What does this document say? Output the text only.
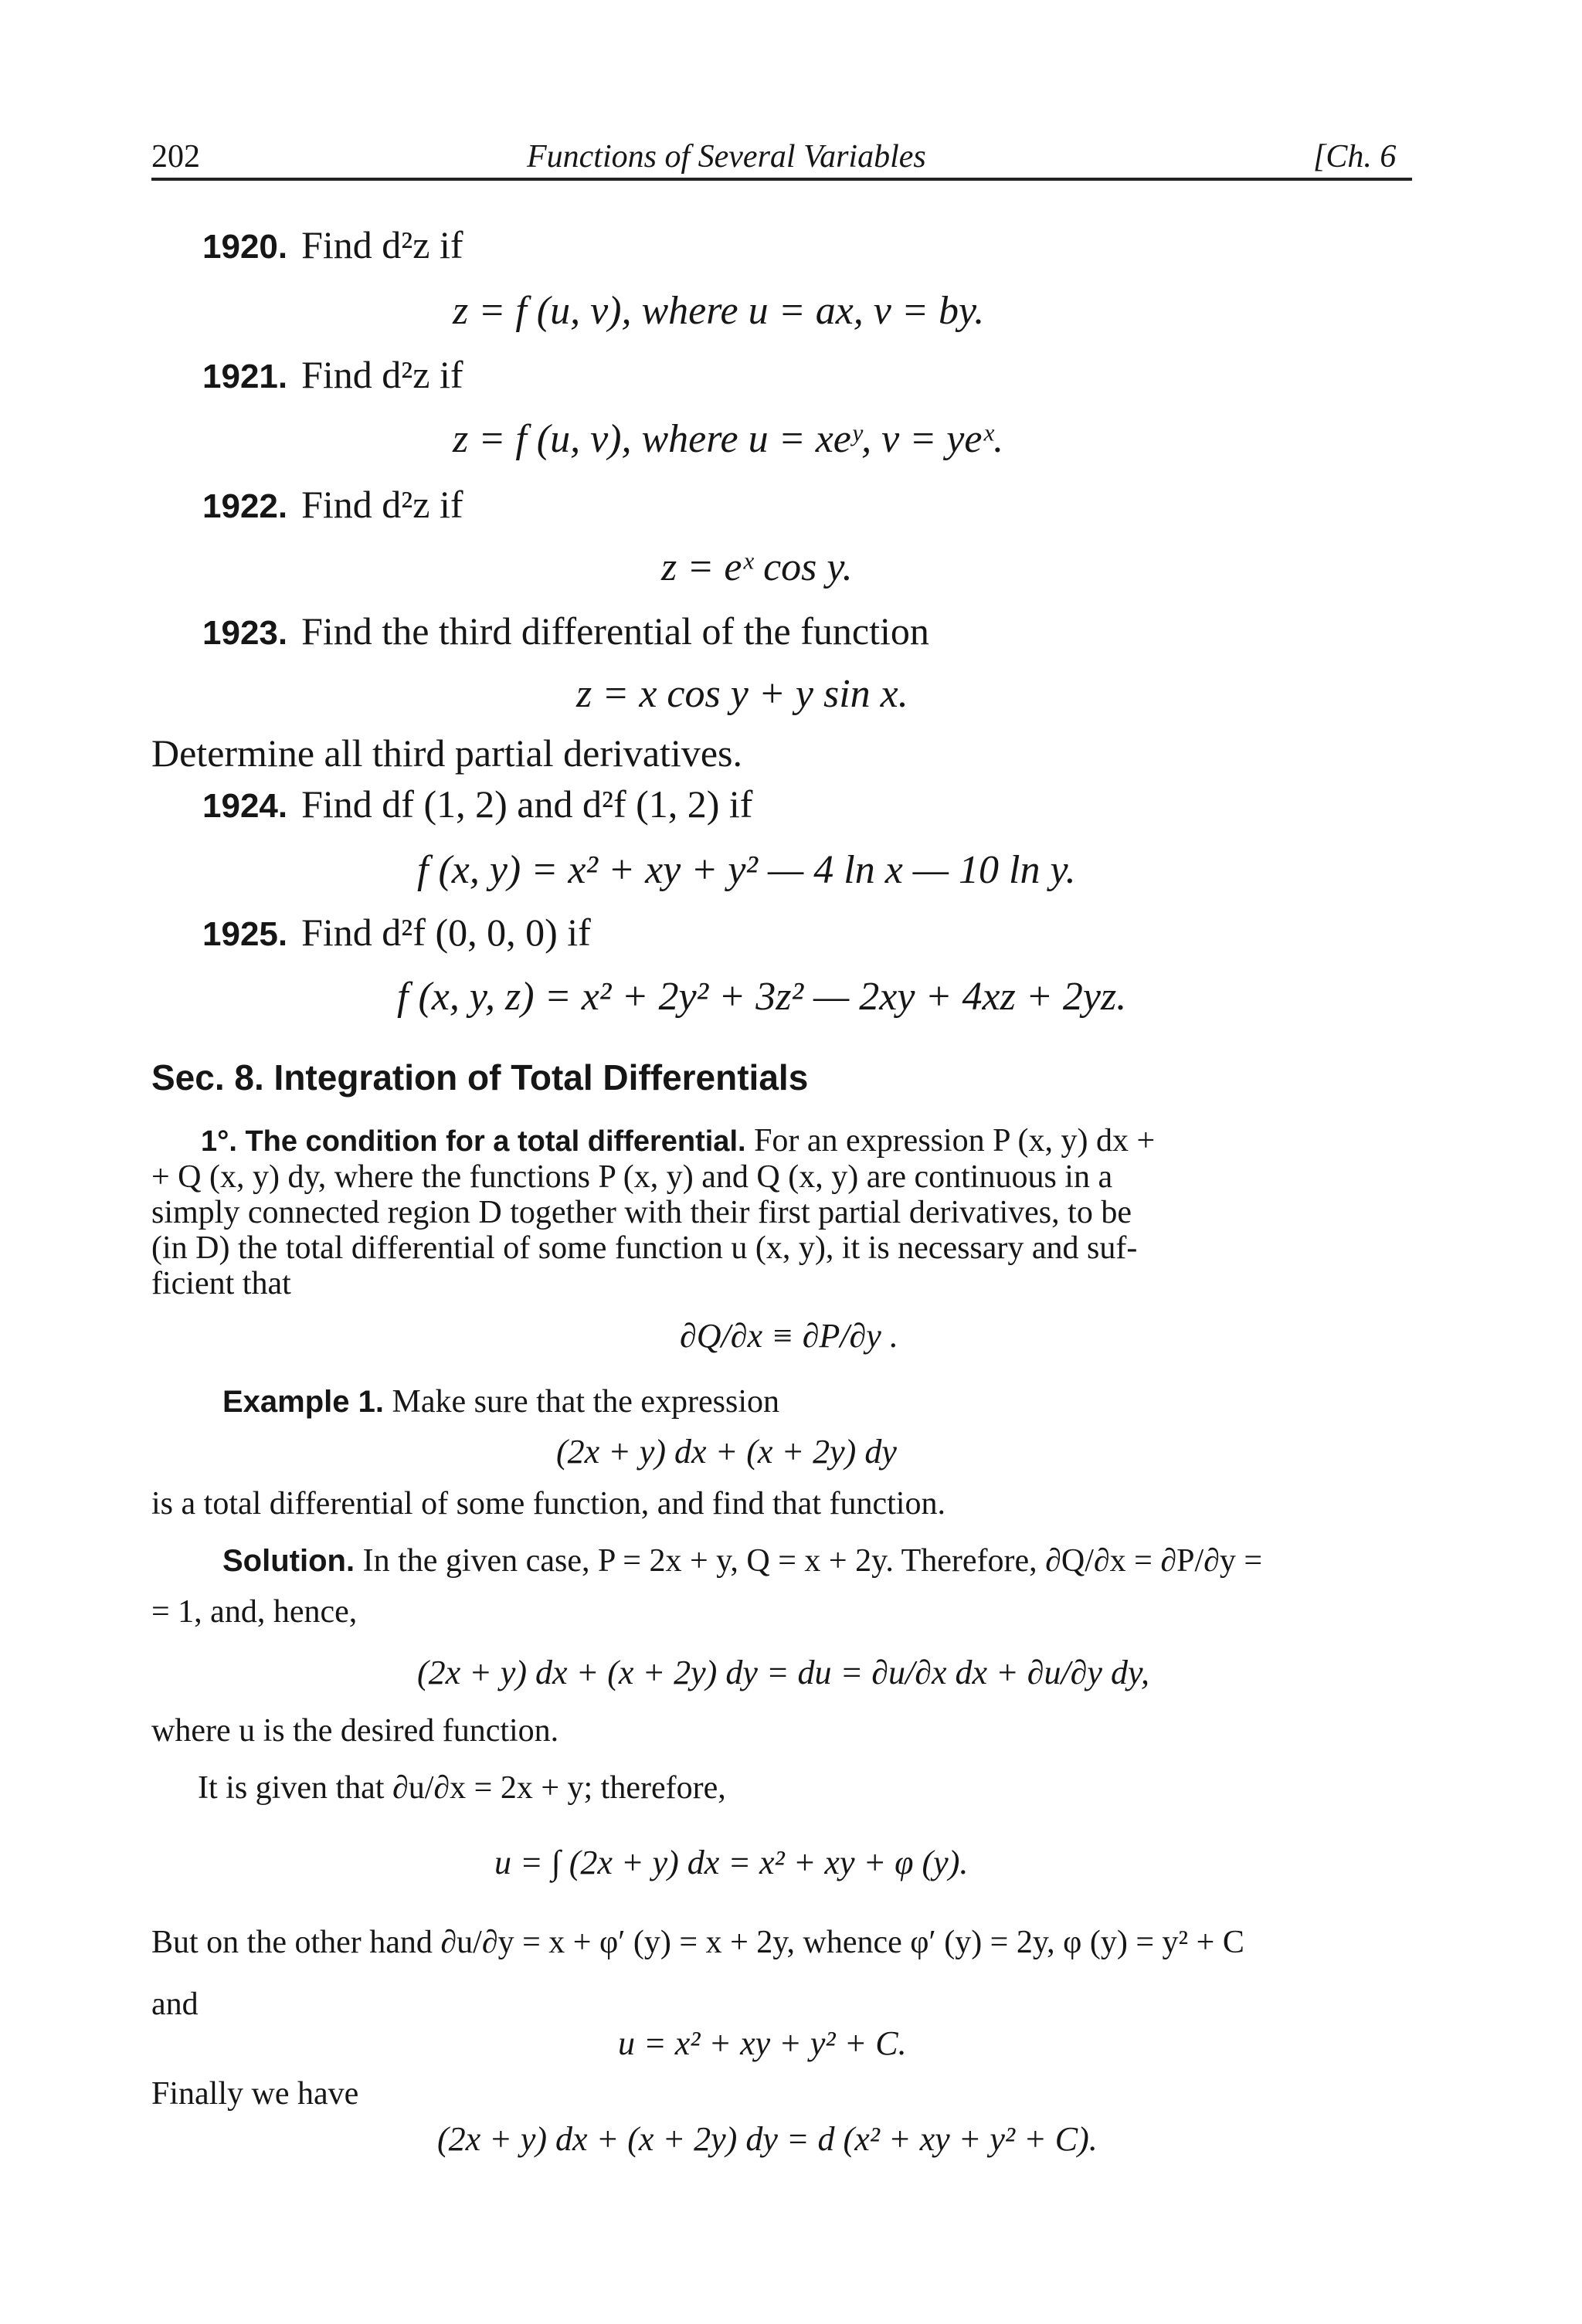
202	Functions of Several Variables	[Ch. 6
1920. Find d²z if
z = f (u, v), where u = ax, v = by.
1921. Find d²z if
z = f (u, v), where u = xeʸ, v = yeˣ.
1922. Find d²z if
z = eˣ cos y.
1923. Find the third differential of the function
z = x cos y + y sin x.
Determine all third partial derivatives.
1924. Find df (1, 2) and d²f (1, 2) if
f (x, y) = x² + xy + y² — 4 ln x — 10 ln y.
1925. Find d²f (0, 0, 0) if
f (x, y, z) = x² + 2y² + 3z² — 2xy + 4xz + 2yz.
Sec. 8. Integration of Total Differentials
1°. The condition for a total differential. For an expression P (x, y) dx +
+ Q (x, y) dy, where the functions P (x, y) and Q (x, y) are continuous in a
simply connected region D together with their first partial derivatives, to be
(in D) the total differential of some function u (x, y), it is necessary and suf-
ficient that
∂Q/∂x ≡ ∂P/∂y .
Example 1. Make sure that the expression
(2x + y) dx + (x + 2y) dy
is a total differential of some function, and find that function.
Solution. In the given case, P = 2x + y, Q = x + 2y. Therefore, ∂Q/∂x = ∂P/∂y =
= 1, and, hence,
(2x + y) dx + (x + 2y) dy = du = ∂u/∂x dx + ∂u/∂y dy,
where u is the desired function.
It is given that ∂u/∂x = 2x + y; therefore,
u = ∫ (2x + y) dx = x² + xy + φ (y).
But on the other hand ∂u/∂y = x + φ′ (y) = x + 2y, whence φ′ (y) = 2y, φ (y) = y² + C
and
u = x² + xy + y² + C.
Finally we have
(2x + y) dx + (x + 2y) dy = d (x² + xy + y² + C).
